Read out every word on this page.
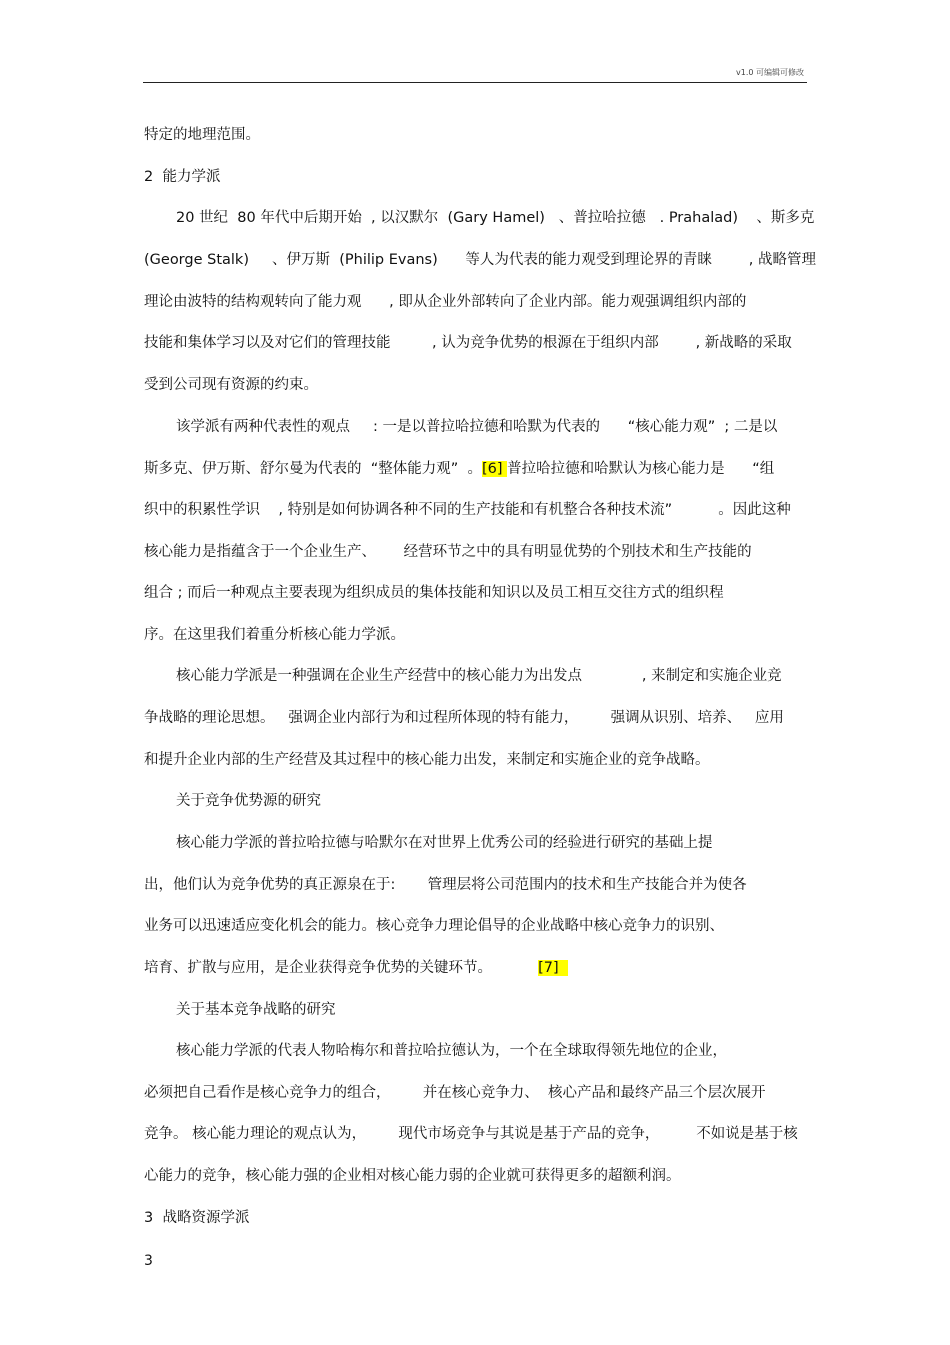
v1.0 可编辑可修改
特定的地理范围。
2  能力学派
20 世纪  80 年代中后期开始  , 以汉默尔  (Gary Hamel)   、普拉哈拉德   . Prahalad)    、斯多克
(George Stalk)     、伊万斯  (Philip Evans)      等人为代表的能力观受到理论界的青睐        , 战略管理
理论由波特的结构观转向了能力观      , 即从企业外部转向了企业内部。能力观强调组织内部的
技能和集体学习以及对它们的管理技能         , 认为竞争优势的根源在于组织内部        , 新战略的采取
受到公司现有资源的约束。
该学派有两种代表性的观点     : 一是以普拉哈拉德和哈默为代表的      “核心能力观”  ; 二是以
斯多克、伊万斯、舒尔曼为代表的  “整体能力观”  。[6] 普拉哈拉德和哈默认为核心能力是      “组
织中的积累性学识    , 特别是如何协调各种不同的生产技能和有机整合各种技术流”          。因此这种
核心能力是指蕴含于一个企业生产、      经营环节之中的具有明显优势的个别技术和生产技能的
组合 ; 而后一种观点主要表现为组织成员的集体技能和知识以及员工相互交往方式的组织程
序。在这里我们着重分析核心能力学派。
核心能力学派是一种强调在企业生产经营中的核心能力为出发点             , 来制定和实施企业竞
争战略的理论思想。   强调企业内部行为和过程所体现的特有能力，       强调从识别、培养、   应用
和提升企业内部的生产经营及其过程中的核心能力出发，来制定和实施企业的竞争战略。
关于竞争优势源的研究
核心能力学派的普拉哈拉德与哈默尔在对世界上优秀公司的经验进行研究的基础上提
出，他们认为竞争优势的真正源泉在于:       管理层将公司范围内的技术和生产技能合并为使各
业务可以迅速适应变化机会的能力。核心竞争力理论倡导的企业战略中核心竞争力的识别、
培育、扩散与应用，是企业获得竞争优势的关键环节。          [7]
关于基本竞争战略的研究
核心能力学派的代表人物哈梅尔和普拉哈拉德认为，一个在全球取得领先地位的企业，
必须把自己看作是核心竞争力的组合，       并在核心竞争力、  核心产品和最终产品三个层次展开
竞争。 核心能力理论的观点认为，       现代市场竞争与其说是基于产品的竞争，        不如说是基于核
心能力的竞争，核心能力强的企业相对核心能力弱的企业就可获得更多的超额利润。
3  战略资源学派
3
